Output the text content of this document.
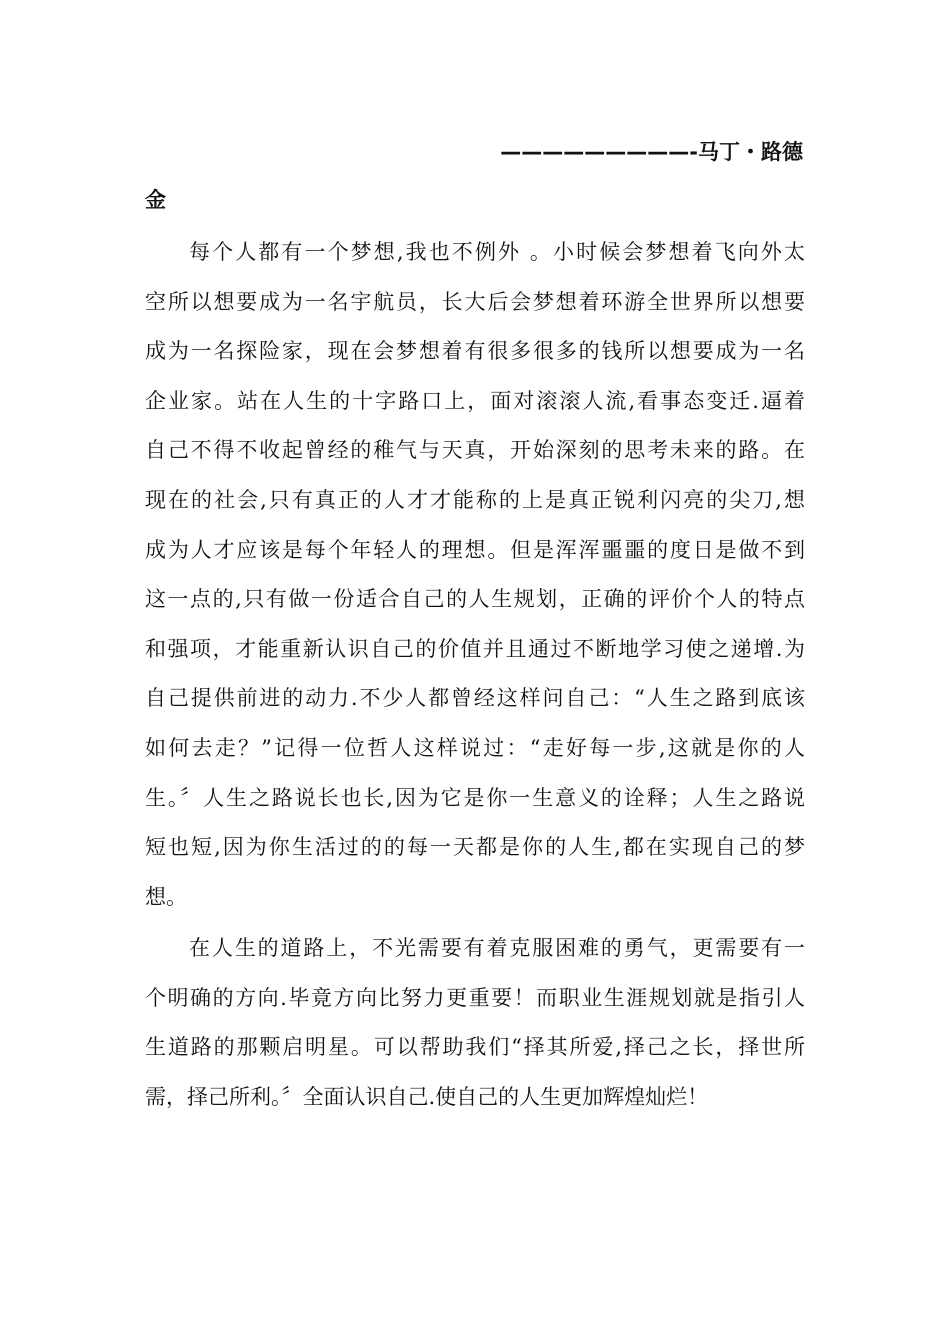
—————————-马丁・路德
金
每个人都有一个梦想,我也不例外 。小时候会梦想着飞向外太
空所以想要成为一名宇航员，长大后会梦想着环游全世界所以想要
成为一名探险家，现在会梦想着有很多很多的钱所以想要成为一名
企业家。站在人生的十字路口上，面对滚滚人流,看事态变迁.逼着
自己不得不收起曾经的稚气与天真，开始深刻的思考未来的路。在
现在的社会,只有真正的人才才能称的上是真正锐利闪亮的尖刀,想
成为人才应该是每个年轻人的理想。但是浑浑噩噩的度日是做不到
这一点的,只有做一份适合自己的人生规划，正确的评价个人的特点
和强项，才能重新认识自己的价值并且通过不断地学习使之递增.为
自己提供前进的动力.不少人都曾经这样问自己：“人生之路到底该
如何去走？”记得一位哲人这样说过：“走好每一步,这就是你的人
生。〞人生之路说长也长,因为它是你一生意义的诠释；人生之路说
短也短,因为你生活过的的每一天都是你的人生,都在实现自己的梦
想。
在人生的道路上，不光需要有着克服困难的勇气，更需要有一
个明确的方向.毕竟方向比努力更重要！而职业生涯规划就是指引人
生道路的那颗启明星。可以帮助我们“择其所爱,择己之长，择世所
需，择己所利。〞全面认识自己.使自己的人生更加辉煌灿烂！
